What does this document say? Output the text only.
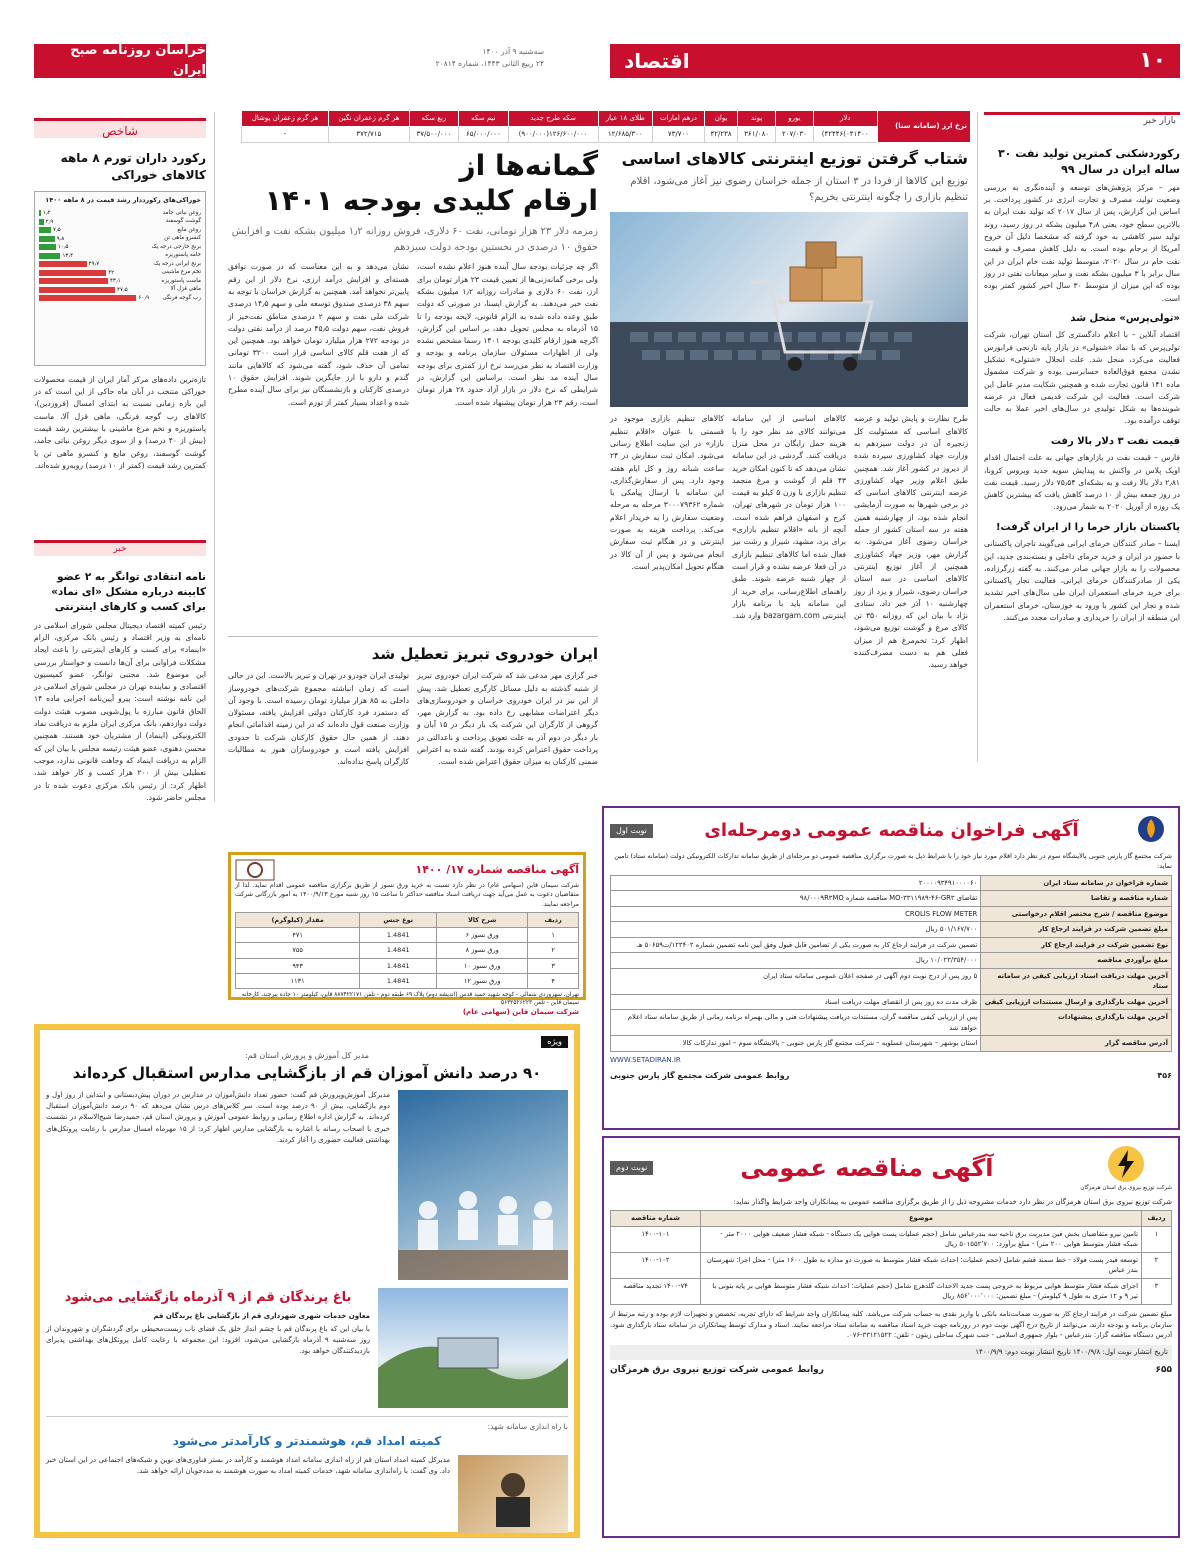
۱۰
اقتصاد
خراسان روزنامه صبح ایران
سه‌شنبه ۹ آذر ۱۴۰۰
۲۴ ربیع الثانی ۱۴۴۳، شماره ۲۰۸۱۴
نرخ ارز (سامانه سنا)	دلار	یورو	پوند	یوان	درهم امارات	طلای ۱۸ عیار	سکه طرح جدید	نیم سکه	ربع سکه	هر گرم زعفران نگین	هر گرم زعفران پوشال
	(۴۲۴۴۶(۰۴۱۴۰۰	۲۰۷/۰۳۰	۳۶۱/۰۸۰	۴۲/۲۳۸	۷۳/۷۰۰	۱۲/۶۸۵/۳۰۰	(۹۰۰/۰۰۰)۱۲۶/۶۰۰/۰۰۰	۶۵/۰۰۰/۰۰۰	۳۷/۵۰۰/۰۰۰	۳۷۲/۷۱۵	-
بازار خبر
رکوردشکنی کمترین تولید نفت ۳۰ ساله ایران در سال ۹۹

مهر – مرکز پژوهش‌های توسعه و آینده‌نگری به بررسی وضعیت تولید، مصرف و تجارت انرژی در کشور پرداخت. بر اساس این گزارش، پس از سال ۲۰۱۷ که تولید نفت ایران به بالاترین سطح خود، یعنی ۴٫۸ میلیون بشکه در روز رسید، روند تولید سیر کاهشی به خود گرفته که مشخصا دلیل آن خروج آمریکا از برجام بوده است. به دلیل کاهش مصرف و قیمت نفت خام در سال ۲۰۲۰، متوسط تولید نفت خام ایران در این سال برابر با ۳ میلیون بشکه نفت و سایر میعانات نفتی در روز بوده که این میزان از متوسط ۳۰ سال اخیر کشور کمتر بوده است.

«تولی‌پرس» منحل شد

اقتصاد آنلاین – با اعلام دادگستری کل استان تهران، شرکت تولی‌پرس که با نماد «شتولی» در بازار پایه نارنجی فرابورس فعالیت می‌کرد، منحل شد. علت انحلال «شتولی» تشکیل نشدن مجمع فوق‌العاده حسابرسی بوده و شرکت مشمول ماده ۱۴۱ قانون تجارت شده و همچنین شکایت مدیر عامل این شرکت است. فعالیت این شرکت قدیمی فعال در عرضه شوینده‌ها به شکل تولیدی در سال‌های اخیر عملا به حالت توقف درآمده بود.

قیمت نفت ۳ دلار بالا رفت

فارس – قیمت نفت در بازارهای جهانی به علت احتمال اقدام اوپک پلاس در واکنش به پیدایش سویه جدید ویروس کرونا، ۲٫۸۱ دلار بالا رفت و به بشکه‌ای ۷۵٫۵۴ دلار رسید. قیمت نفت در روز جمعه بیش از ۱۰ درصد کاهش یافت که بیشترین کاهش یک روزه از آوریل ۲۰۲۰ به شمار می‌رود.

پاکستان بازار خرما را از ایران گرفت!

ایسنا – صادر کنندگان خرمای ایرانی می‌گویند تاجران پاکستانی با حضور در ایران و خرید خرمای داخلی و بسته‌بندی جدید، این محصولات را به بازار جهانی صادر می‌کنند. به گفته زرگرزاده، یکی از صادرکنندگان خرمای ایرانی، فعالیت تجار پاکستانی برای خرید خرمای استعمران ایران طی سال‌های اخیر تشدید شده و تجار این کشور با ورود به خوزستان، خرمای استعمران این منطقه از ایران را خریداری و صادرات مجدد می‌کنند.

شتاب گرفتن توزیع اینترنتی کالاهای اساسی

توزیع این کالاها از فردا در ۳ استان از جمله خراسان رضوی نیز آغاز می‌شود، اقلام تنظیم بازاری را چگونه اینترنتی بخریم؟

طرح نظارت و پایش تولید و عرضه کالاهای اساسی که مسئولیت کل زنجیره آن در دولت سیزدهم به وزارت جهاد کشاورزی سپرده شده از دیروز در کشور آغاز شد. همچنین طبق اعلام وزیر جهاد کشاورزی عرضه اینترنتی کالاهای اساسی که در برخی شهرها به صورت آزمایشی انجام شده بود، از چهارشنبه همین هفته در سه استان کشور از جمله خراسان رضوی آغاز می‌شود. به گزارش مهر، وزیر جهاد کشاورزی همچنین از آغاز توزیع اینترنتی کالاهای اساسی در سه استان خراسان رضوی، شیراز و یزد از روز چهارشنبه ۱۰ آذر خبر داد. ستادی نژاد با بیان این که روزانه ۳۵۰ تن کالای مرغ و گوشت توزیع می‌شود، اظهار کرد: تخم‌مرغ هم از میزان فعلی هم به دست مصرف‌کننده خواهد رسید.

کالاهای اساسی از این سامانه می‌توانند کالای مد نظر خود را با هزینه حمل رایگان در محل منزل دریافت کنند. گردشی در این سامانه نشان می‌دهد که تا کنون امکان خرید ۴۳ قلم از گوشت و مرغ منجمد تنظیم بازاری با وزن ۵ کیلو به قیمت ۱۰۰ هزار تومان در شهرهای تهران، کرج و اصفهان فراهم شده است. آنچه از بانه «اقلام تنظیم بازاری» برای یزد، مشهد، شیراز و رشت نیز فعال شده اما کالاهای تنظیم بازاری در آن فعلا عرضه نشده و قرار است از چهار شنبه عرضه شوند. طبق راهنمای اطلاع‌رسانی، برای خرید از این سامانه باید با برنامه بازار اینترنتی bazargam.com وارد شد.

کالاهای تنظیم بازاری موجود در قسمتی با عنوان «اقلام تنظیم بازار» در این سایت اطلاع رسانی می‌شود. امکان ثبت سفارش در ۲۴ ساعت شبانه روز و کل ایام هفته وجود دارد. پس از سفارش‌گذاری، این سامانه با ارسال پیامکی با شماره ۳۰۰۰۷۹۳۶۲ مرحله به مرحله وضعیت سفارش را به خریدار اعلام می‌کند. پرداخت هزینه به صورت اینترنتی و در هنگام ثبت سفارش انجام می‌شود و پس از آن کالا در هنگام تحویل امکان‌پذیر است.

گمانه‌ها از
ارقام کلیدی بودجه ۱۴۰۱

زمزمه دلار ۲۳ هزار تومانی، نفت ۶۰ دلاری، فروش روزانه ۱٫۲ میلیون بشکه نفت و افزایش حقوق ۱۰ درصدی در نخستین بودجه دولت سیزدهم

اگر چه جزئیات بودجه سال آینده هنوز اعلام نشده است، ولی برخی گمانه‌زنی‌ها از تعیین قیمت ۲۳ هزار تومان برای ارز، نفت ۶۰ دلاری و صادرات روزانه ۱٫۲ میلیون بشکه نفت خبر می‌دهند. به گزارش ایسنا، در صورتی که دولت طبق وعده داده شده به الزام قانونی، لایحه بودجه را تا ۱۵ آذرماه به مجلس تحویل دهد، بر اساس این گزارش، اگرچه هنوز ارقام کلیدی بودجه ۱۴۰۱ رسما مشخص نشده ولی از اظهارات مسئولان سازمان برنامه و بودجه و وزارت اقتصاد به نظر می‌رسد نرخ ارز کمتری برای بودجه سال آینده مد نظر است. براساس این گزارش، در شرایطی که نرخ دلار در بازار آزاد حدود ۲۸ هزار تومان است، رقم ۲۳ هزار تومان پیشنهاد شده است.

نشان می‌دهد و به این معناست که در صورت توافق هسته‌ای و افزایش درآمد ارزی، نرخ دلار از این رقم پایین‌تر نخواهد آمد. همچنین به گزارش خراسان با توجه به سهم ۳۸ درصدی صندوق توسعه ملی و سهم ۱۴٫۵ درصدی شرکت ملی نفت و سهم ۲ درصدی مناطق نفت‌خیز از فروش نفت، سهم دولت ۴۵٫۵ درصد از درآمد نفتی دولت در بودجه ۲۷۲ هزار میلیارد تومان خواهد بود. همچنین این که از هفت قلم کالای اساسی قرار است ۳۲۰۰ تومانی تمامی آن حذف شود، گفته می‌شود که کالاهایی مانند گندم و دارو با ارز جایگزین شوند. افزایش حقوق ۱۰ درصدی کارکنان و بازنشستگان نیز برای سال آینده مطرح شده و اعداد بسیار کمتر از تورم است.

ایران خودروی تبریز تعطیل شد

خبر گزاری مهر مدعی شد که شرکت ایران خودروی تبریز از شنبه گذشته به دلیل مسائل کارگری تعطیل شد. پیش از این نیز در ایران خودروی خراسان و خودروسازی‌های دیگر اعتراضات مشابهی رخ داده بود. به گزارش مهر، گروهی از کارگران این شرکت یک بار دیگر در ۱۵ آبان و بار دیگر در دوم آذر به علت تعویق پرداخت و ناعدالتی در پرداخت حقوق اعتراض کرده بودند. گفته شده به اعتراض ضمنی کارکنان به میزان حقوق اعتراض شده است.

تولیدی ایران خودرو در تهران و تبریز بالاست. این در حالی است که زمان انباشته مجموع شرکت‌های خودروساز داخلی به ۸۵ هزار میلیارد تومان رسیده است. با وجود آن که دستمزد فرد کارکنان دولتی افزایش یافته، مسئولان وزارت صنعت قول داده‌اند که در این زمینه اقداماتی انجام دهند. از همین حال حقوق کارکنان شرکت تا حدودی افزایش یافته است و خودروسازان هنوز به مطالبات کارگران پاسخ نداده‌اند.

شاخص
رکورد داران تورم ۸ ماهه کالاهای خوراکی
خوراکی‌های رکورددار رشد قیمت در ۸ ماهه ۱۴۰۰
روغن نباتی جامد
۱٫۲
گوشت گوسفند
۲٫۹
روغن مایع
۷٫۵
کنسرو ماهی تن
۹٫۸
برنج خارجی درجه یک
۱۰٫۵
خامه پاستوریزه
۱۳٫۴
برنج ایرانی درجه یک
۲۹٫۷
تخم مرغ ماشینی
۴۲
ماست پاستوریزه
۴۳٫۱
ماهی قزل آلا
۴۷٫۵
رب گوجه فرنگی
۶۰٫۹

تازه‌ترین داده‌های مرکز آمار ایران از قیمت محصولات خوراکی منتخب در آبان ماه حاکی از این است که در این بازه زمانی نسبت به ابتدای امسال (فروردین)، کالاهای رب گوجه فرنگی، ماهی قزل آلا، ماست پاستوریزه و تخم مرغ ماشینی با بیشترین رشد قیمت (بیش از ۴۰ درصد) و از سوی دیگر روغن نباتی جامد، گوشت گوسفند، روغن مایع و کنسرو ماهی تن با کمترین رشد قیمت (کمتر از ۱۰ درصد) روبه‌رو شده‌اند.

خبر
نامه انتقادی توانگر به ۲ عضو کابینه درباره مشکل «ای نماد» برای کسب و کارهای اینترنتی

رئیس کمیته اقتصاد دیجیتال مجلس شورای اسلامی در نامه‌ای به وزیر اقتصاد و رئیس بانک مرکزی، الزام «اینماد» برای کسب و کارهای اینترنتی را باعث ایجاد مشکلات فراوانی برای آن‌ها دانست و خواستار بررسی این موضوع شد. مجتبی توانگر، عضو کمیسیون اقتصادی و نماینده تهران در مجلس شورای اسلامی در این نامه نوشته است: پیرو آیین‌نامه اجرایی ماده ۱۴ الحاق قانون مبارزه با پول‌شویی مصوب هیئت دولت دولت دوازدهم، بانک مرکزی ایران ملزم به دریافت نماد الکترونیکی (اینماد) از مشتریان خود هستند. همچنین محسن دهنوی، عضو هیئت رئیسه مجلس با بیان این که الزام به دریافت اینماد که وجاهت قانونی ندارد، موجب تعطیلی بیش از ۲۰۰ هزار کسب و کار خواهد شد، اظهار کرد: از رئیس بانک مرکزی دعوت شده تا در مجلس حاضر شود.

آگهی مناقصه شماره ۱۷/ ۱۴۰۰

شرکت سیمان قاین (سهامی عام) در نظر دارد نسبت به خرید ورق نسوز از طریق برگزاری مناقصه عمومی اقدام نماید. لذا از متقاضیان دعوت به عمل می‌آید جهت دریافت اسناد مناقصه حداکثر تا ساعت ۱۵ روز شنبه مورخ ۱۴۰۰/۹/۱۳ به امور بازرگانی شرکت مراجعه نمایند.

ردیف	شرح کالا	نوع جنس	مقدار (کیلوگرم)
۱	ورق نسوز ۶	1.4841	۴۷۱
۲	ورق نسوز ۸	1.4841	۷۵۵
۳	ورق نسوز ۱۰	1.4841	۹۴۳
۴	ورق نسوز ۱۲	1.4841	۱۱۳۱

تهران، سهروردی شمالی - کوچه شهید حمید قدس (اندیشه دوم) پلاک ۶۹ طبقه دوم - تلفن ۸۸۷۴۲۲۱۷۱ قاین، کیلومتر ۱۰ جاده بیرجند، کارخانه سیمان قاین - تلفن ۵۶۳۲۵۲۶۲۲۳

شرکت سیمان قاین (سهامی عام)
آگهی فراخوان مناقصه عمومی دومرحله‌ای
نوبت اول

شرکت مجتمع گاز پارس جنوبی پالایشگاه سوم در نظر دارد اقلام مورد نیاز خود را با شرایط ذیل به صورت برگزاری مناقصه عمومی دو مرحله‌ای از طریق سامانه تدارکات الکترونیکی دولت (سامانه ستاد) تامین نماید:

شماره فراخوان در سامانه ستاد ایران	۲۰۰۰۰۹۳۴۹۱۰۰۰۰۶۰
شماره مناقصه و تقاضا	تقاضای MO-۳۳۱۱۹۸۹-۴۶-GR۳ مناقصه شماره ۹۸/۰۰۰۹R۳MO
موضوع مناقصه / شرح مختصر اقلام درخواستی	CROLIS FLOW METER
مبلغ تضمین شرکت در فرایند ارجاع کار	۵۰۱/۱۶۷/۷۰۰ ریال
نوع تضمین شرکت در فرایند ارجاع کار	تضمین شرکت در فرایند ارجاع کار به صورت یکی از تضامین قابل قبول وفق آیین نامه تضمین شماره ۱۲۳۴۰۲/ت۵۰۶۵۹ هـ
مبلغ برآوردی مناقصه	۱۰/۰۲۳/۳۵۴/۰۰۰ ریال
آخرین مهلت دریافت اسناد ارزیابی کیفی در سامانه ستاد	۵ روز پس از درج نوبت دوم آگهی در صفحه اعلان عمومی سامانه ستاد ایران
آخرین مهلت بارگذاری و ارسال مستندات ارزیابی کیفی	ظرف مدت ده روز پس از انقضای مهلت دریافت اسناد
آخرین مهلت بارگذاری پیشنهادات	پس از ارزیابی کیفی مناقصه گران، مستندات دریافت پیشنهادات فنی و مالی بهمراه برنامه زمانی از طریق سامانه ستاد اعلام خواهد شد
آدرس مناقصه گزار	استان بوشهر – شهرستان عسلویه – شرکت مجتمع گاز پارس جنوبی – پالایشگاه سوم – امور تدارکات کالا
WWW.SETADIRAN.IR
۴۵۶
روابط عمومی شرکت مجتمع گاز پارس جنوبی
شرکت توزیع نیروی برق استان هرمزگان
آگهی مناقصه عمومی
نوبت دوم

شرکت توزیع نیروی برق استان هرمزگان در نظر دارد خدمات مشروحه ذیل را از طریق برگزاری مناقصه عمومی به پیمانکاران واجد شرایط واگذار نماید:

ردیف	موضوع	شماره مناقصه
۱	تامین نیرو متقاضیان بخش فین مدیریت برق ناحیه سه بندرعباس شامل (حجم عملیات پست هوایی یک دستگاه - شبکه فشار ضعیف هوایی ۲۰۰۰ متر - شبکه فشار متوسط هوایی ۲۰۰ متر) - مبلغ برآورد: ۵۰۱۵۵۲٬۷۰۰ ریال	۱۴۰۰-۱۰۱
۲	توسعه فیدر پست فولاد - خط سمند قشم شامل (حجم عملیات: احداث شبکه فشار متوسط به صورت دو مداره به طول ۱۶۰۰ متر) - محل اجرا: شهرستان بندر عباس	۱۴۰۰-۱۰۲
۳	اجرای شبکه فشار متوسط هوایی مربوط به خروجی پست جدید الاحداث گلدهرچ شامل (حجم عملیات: احداث شبکه فشار متوسط هوایی بر پایه بتونی با تیر ۹ و ۱۲ متری به طول ۹ کیلومتر) - مبلغ تضمین: ۸۵۶٬۰۰۰٬۰۰۰ ریال	۱۴۰۰-۷۴ تجدید مناقصه

مبلغ تضمین شرکت در فرایند ارجاع کار به صورت ضمانت‌نامه بانکی یا واریز نقدی به حساب شرکت می‌باشد. کلیه پیمانکاران واجد شرایط که دارای تجربه، تخصص و تجهیزات لازم بوده و رتبه مرتبط از سازمان برنامه و بودجه دارند، می‌توانند از تاریخ درج آگهی نوبت دوم در روزنامه جهت خرید اسناد مناقصه به سامانه ستاد مراجعه نمایند. اسناد و مدارک توسط پیمانکاران در سامانه ستاد بارگذاری شود. آدرس دستگاه مناقصه گزار: بندرعباس - بلوار جمهوری اسلامی - جنب شهرک ساحلی زیتون - تلفن: ۳۳۱۲۱۵۲۲-۰۷۶.

تاریخ انتشار نوبت اول: ۱۴۰۰/۹/۸ تاریخ انتشار نوبت دوم: ۱۴۰۰/۹/۹
۶۵۵
روابط عمومی شرکت توزیع نیروی برق هرمزگان
ویژه
مدیر کل آموزش و پرورش استان قم:
۹۰ درصد دانش آموزان قم از بازگشایی مدارس استقبال کرده‌اند

مدیرکل آموزش‌وپرورش قم گفت: حضور تعداد دانش‌آموزان در مدارس در دوران پیش‌دبستانی و ابتدایی از روز اول و دوم بازگشایی، بیش از ۹۰ درصد بوده است. سر کلاس‌های درس نشان می‌دهد که ۹۰ درصد دانش‌آموزان استقبال کرده‌اند. به گزارش اداره اطلاع رسانی و روابط عمومی آموزش و پرورش استان قم، حمیدرضا شیخ‌الاسلام در نشست خبری با اصحاب رسانه با اشاره به بازگشایی مدارس اظهار کرد: از ۱۵ مهرماه امسال مدارس با رعایت پروتکل‌های بهداشتی فعالیت حضوری را آغاز کردند.

باغ پرندگان قم از ۹ آذرماه بازگشایی می‌شود
معاون خدمات شهری شهرداری قم از بازگشایی باغ پرندگان قم

با بیان این که باغ پرندگان قم با چشم انداز خلق یک فضای ناب زیست‌محیطی برای گردشگران و شهروندان از روز سه‌شنبه ۹ آذرماه بازگشایی می‌شود، افزود: این مجموعه با رعایت کامل پروتکل‌های بهداشتی پذیرای بازدیدکنندگان خواهد بود.

با راه اندازی سامانه شهد:
کمیته امداد قم، هوشمندتر و کارآمدتر می‌شود

مدیرکل کمیته امداد استان قم از راه اندازی سامانه امداد هوشمند و کارآمد در بستر فناوری‌های نوین و شبکه‌های اجتماعی در این استان خبر داد. وی گفت: با راه‌اندازی سامانه شهد، خدمات کمیته امداد به صورت هوشمند به مددجویان ارائه خواهد شد.
